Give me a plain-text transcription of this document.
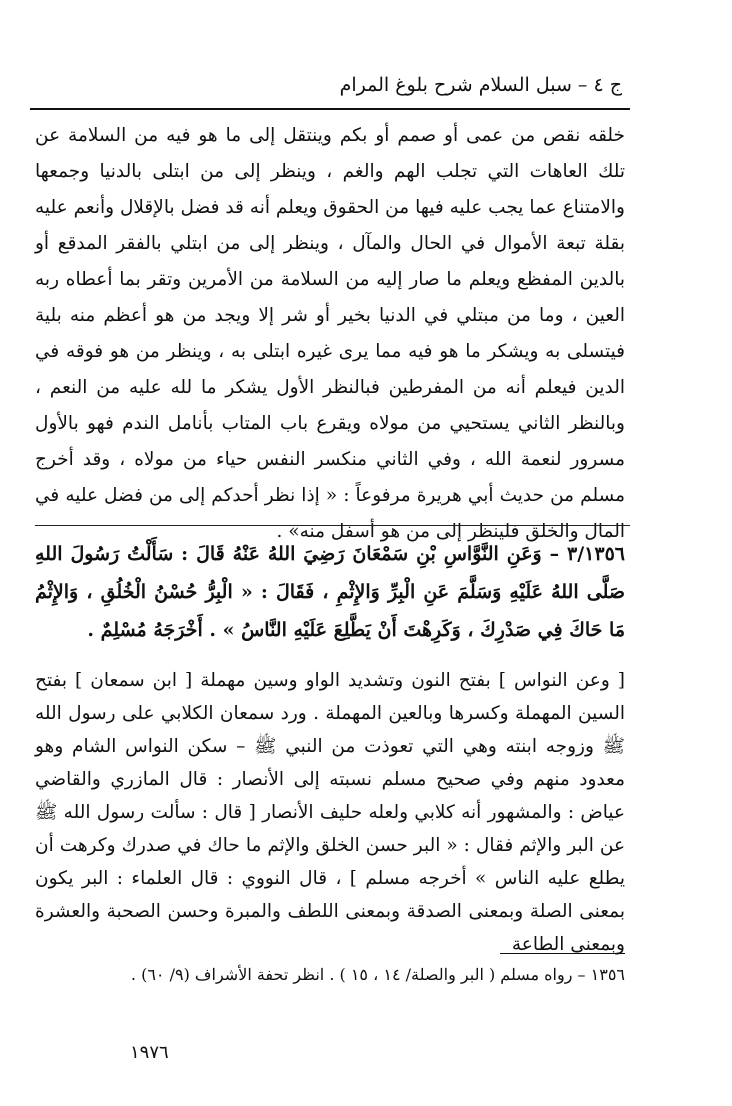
ج ٤ – سبل السلام شرح بلوغ المرام

خلقه نقص من عمى أو صمم أو بكم وينتقل إلى ما هو فيه من السلامة عن تلك العاهات التي تجلب الهم والغم ، وينظر إلى من ابتلى بالدنيا وجمعها والامتناع عما يجب عليه فيها من الحقوق ويعلم أنه قد فضل بالإقلال وأنعم عليه بقلة تبعة الأموال في الحال والمآل ، وينظر إلى من ابتلي بالفقر المدقع أو بالدين المفظع ويعلم ما صار إليه من السلامة من الأمرين وتقر بما أعطاه ربه العين ، وما من مبتلي في الدنيا بخير أو شر إلا ويجد من هو أعظم منه بلية فيتسلى به ويشكر ما هو فيه مما يرى غيره ابتلى به ، وينظر من هو فوقه في الدين فيعلم أنه من المفرطين فبالنظر الأول يشكر ما لله عليه من النعم ، وبالنظر الثاني يستحيي من مولاه ويقرع باب المتاب بأنامل الندم فهو بالأول مسرور لنعمة الله ، وفي الثاني منكسر النفس حياء من مولاه ، وقد أخرج مسلم من حديث أبي هريرة مرفوعاً : « إذا نظر أحدكم إلى من فضل عليه في المال والخلق فلينظر إلى من هو أسفل منه» .

٣/١٣٥٦ – وَعَنِ النَّوَّاسِ بْنِ سَمْعَانَ رَضِيَ اللهُ عَنْهُ قَالَ : سَأَلْتُ رَسُولَ اللهِ صَلَّى اللهُ عَلَيْهِ وَسَلَّمَ عَنِ الْبِرِّ وَالإِثْمِ ، فَقَالَ : « الْبِرُّ حُسْنُ الْخُلُقِ ، وَالإِثْمُ مَا حَاكَ فِي صَدْرِكَ ، وَكَرِهْتَ أَنْ يَطَّلِعَ عَلَيْهِ النَّاسُ » . أَخْرَجَهُ مُسْلِمٌ .

[ وعن النواس ] بفتح النون وتشديد الواو وسين مهملة [ ابن سمعان ] بفتح السين المهملة وكسرها وبالعين المهملة . ورد سمعان الكلابي على رسول الله ﷺ وزوجه ابنته وهي التي تعوذت من النبي ﷺ – سكن النواس الشام وهو معدود منهم وفي صحيح مسلم نسبته إلى الأنصار : قال المازري والقاضي عياض : والمشهور أنه كلابي ولعله حليف الأنصار [ قال : سألت رسول الله ﷺ عن البر والإثم فقال : « البر حسن الخلق والإثم ما حاك في صدرك وكرهت أن يطلع عليه الناس » أخرجه مسلم ] ، قال النووي : قال العلماء : البر يكون بمعنى الصلة وبمعنى الصدقة وبمعنى اللطف والمبرة وحسن الصحبة والعشرة وبمعنى الطاعة

١٣٥٦ – رواه مسلم ( البر والصلة/ ١٤ ، ١٥ ) . انظر تحفة الأشراف (٩/ ٦٠) .
١٩٧٦
